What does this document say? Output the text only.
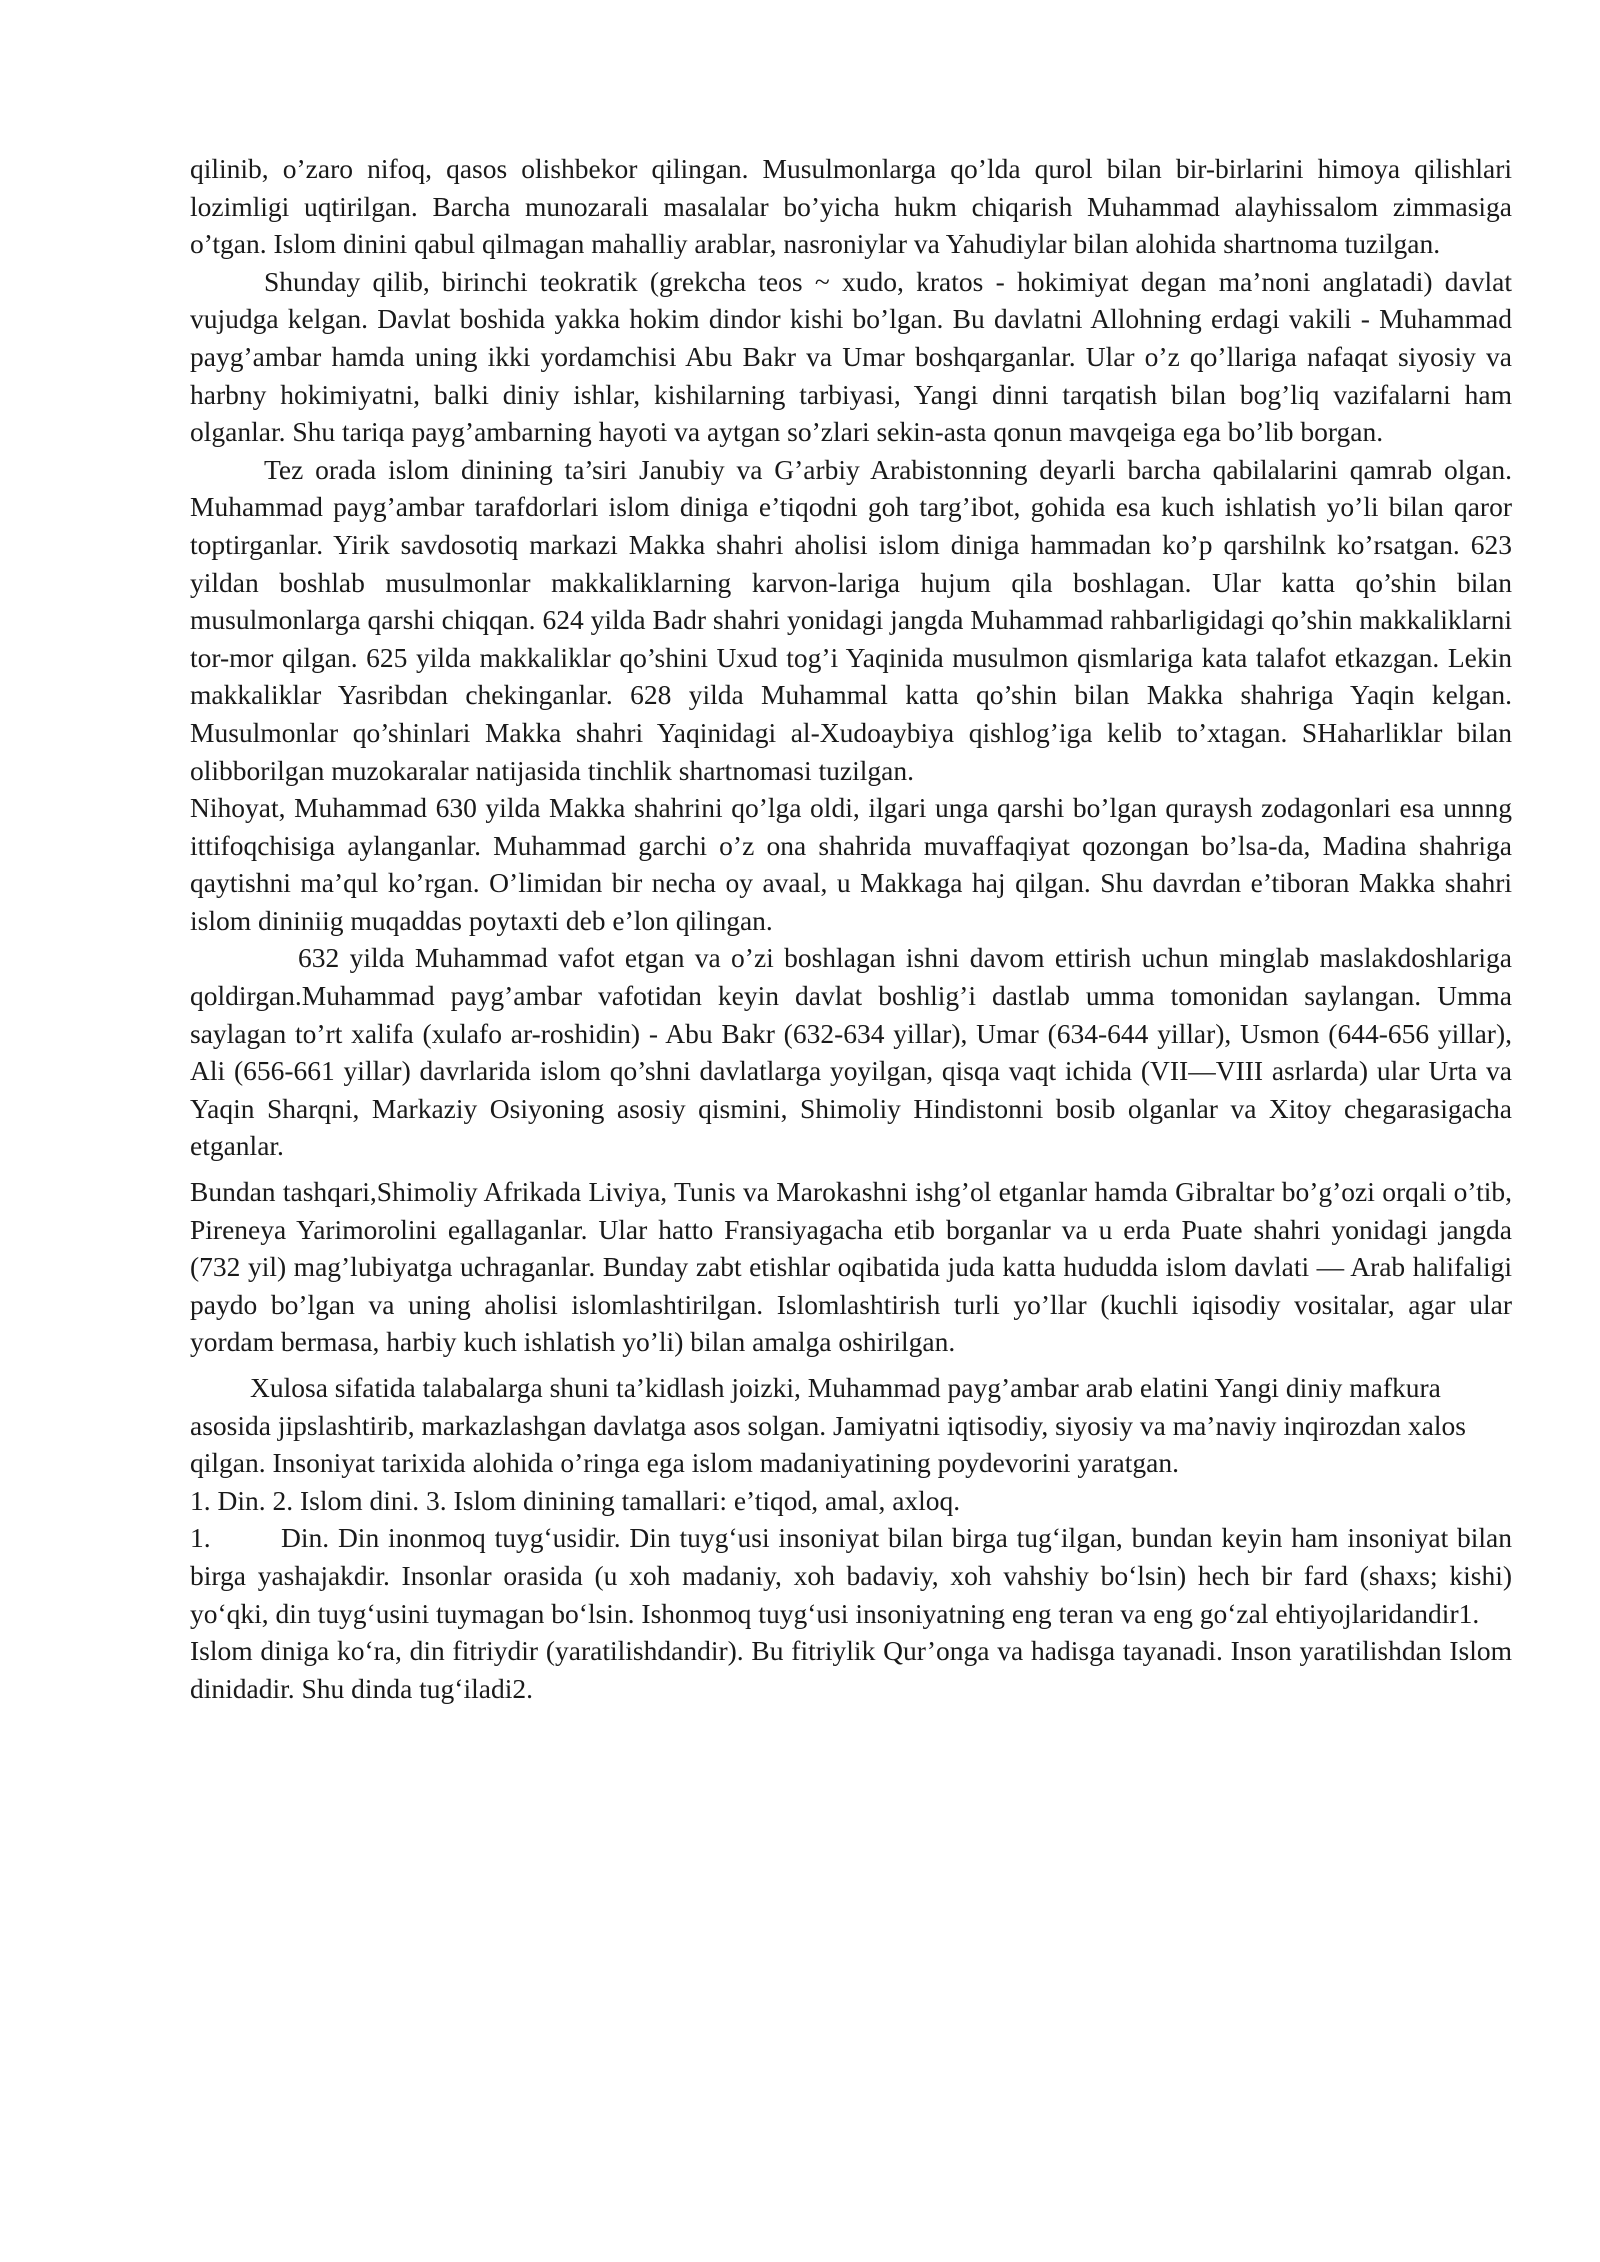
qilinib, o’zaro nifoq, qasos olishbekor qilingan. Musulmonlarga qo’lda qurol bilan bir-birlarini himoya qilishlari lozimligi uqtirilgan. Barcha munozarali masalalar bo’yicha hukm chiqarish Muhammad alayhissalom zimmasiga o’tgan. Islom dinini qabul qilmagan mahalliy arablar, nasroniylar va Yahudiylar bilan alohida shartnoma tuzilgan.

Shunday qilib, birinchi teokratik (grekcha teos ~ xudo, kratos - hokimiyat degan ma’noni anglatadi) davlat vujudga kelgan. Davlat boshida yakka hokim dindor kishi bo’lgan. Bu davlatni Allohning erdagi vakili - Muhammad payg’ambar hamda uning ikki yordamchisi Abu Bakr va Umar boshqarganlar. Ular o’z qo’llariga nafaqat siyosiy va harbny hokimiyatni, balki diniy ishlar, kishilarning tarbiyasi, Yangi dinni tarqatish bilan bog’liq vazifalarni ham olganlar. Shu tariqa payg’ambarning hayoti va aytgan so’zlari sekin-asta qonun mavqeiga ega bo’lib borgan.

Tez orada islom dinining ta’siri Janubiy va G’arbiy Arabistonning deyarli barcha qabilalarini qamrab olgan. Muhammad payg’ambar tarafdorlari islom diniga e’tiqodni goh targ’ibot, gohida esa kuch ishlatish yo’li bilan qaror toptirganlar. Yirik savdosotiq markazi Makka shahri aholisi islom diniga hammadan ko’p qarshilnk ko’rsatgan. 623 yildan boshlab musulmonlar makkaliklarning karvon-lariga hujum qila boshlagan. Ular katta qo’shin bilan musulmonlarga qarshi chiqqan. 624 yilda Badr shahri yonidagi jangda Muhammad rahbarligidagi qo’shin makkaliklarni tor-mor qilgan. 625 yilda makkaliklar qo’shini Uxud tog’i Yaqinida musulmon qismlariga kata talafot etkazgan. Lekin makkaliklar Yasribdan chekinganlar. 628 yilda Muhammal katta qo’shin bilan Makka shahriga Yaqin kelgan. Musulmonlar qo’shinlari Makka shahri Yaqinidagi al-Xudoaybiya qishlog’iga kelib to’xtagan. SHaharliklar bilan olibborilgan muzokaralar natijasida tinchlik shartnomasi tuzilgan.

Nihoyat, Muhammad 630 yilda Makka shahrini qo’lga oldi, ilgari unga qarshi bo’lgan quraysh zodagonlari esa unnng ittifoqchisiga aylanganlar. Muhammad garchi o’z ona shahrida muvaffaqiyat qozongan bo’lsa-da, Madina shahriga qaytishni ma’qul ko’rgan. O’limidan bir necha oy avaal, u Makkaga haj qilgan. Shu davrdan e’tiboran Makka shahri islom dininiig muqaddas poytaxti deb e’lon qilingan.

632 yilda Muhammad vafot etgan va o’zi boshlagan ishni davom ettirish uchun minglab maslakdoshlariga qoldirgan.Muhammad payg’ambar vafotidan keyin davlat boshlig’i dastlab umma tomonidan saylangan. Umma saylagan to’rt xalifa (xulafo ar-roshidin) - Abu Bakr (632-634 yillar), Umar (634-644 yillar), Usmon (644-656 yillar), Ali (656-661 yillar) davrlarida islom qo’shni davlatlarga yoyilgan, qisqa vaqt ichida (VII—VIII asrlarda) ular Urta va Yaqin Sharqni, Markaziy Osiyoning asosiy qismini, Shimoliy Hindistonni bosib olganlar va Xitoy chegarasigacha etganlar.

Bundan tashqari,Shimoliy Afrikada Liviya, Tunis va Marokashni ishg’ol etganlar hamda Gibraltar bo’g’ozi orqali o’tib, Pireneya Yarimorolini egallaganlar. Ular hatto Fransiyagacha etib borganlar va u erda Puate shahri yonidagi jangda (732 yil) mag’lubiyatga uchraganlar. Bunday zabt etishlar oqibatida juda katta hududda islom davlati — Arab halifaligi paydo bo’lgan va uning aholisi islomlashtirilgan. Islomlashtirish turli yo’llar (kuchli iqisodiy vositalar, agar ular yordam bermasa, harbiy kuch ishlatish yo’li) bilan amalga oshirilgan.

Xulosa sifatida talabalarga shuni ta’kidlash joizki, Muhammad payg’ambar arab elatini Yangi diniy mafkura asosida jipslashtirib, markazlashgan davlatga asos solgan. Jamiyatni iqtisodiy, siyosiy va ma’naviy inqirozdan xalos qilgan. Insoniyat tarixida alohida o’ringa ega islom madaniyatining poydevorini yaratgan.

1. Din. 2. Islom dini. 3. Islom dinining tamallari: e’tiqod, amal, axloq.

1.        Din. Din inonmoq tuyg‘usidir. Din tuyg‘usi insoniyat bilan birga tug‘ilgan, bundan keyin ham insoniyat bilan birga yashajakdir. Insonlar orasida (u xoh madaniy, xoh badaviy, xoh vahshiy bo‘lsin) hech bir fard (shaxs; kishi) yo‘qki, din tuyg‘usini tuymagan bo‘lsin. Ishonmoq tuyg‘usi insoniyatning eng teran va eng go‘zal ehtiyojlaridandir1.

Islom diniga ko‘ra, din fitriydir (yaratilishdandir). Bu fitriylik Qur’onga va hadisga tayanadi. Inson yaratilishdan Islom dinidadir. Shu dinda tug‘iladi2.
